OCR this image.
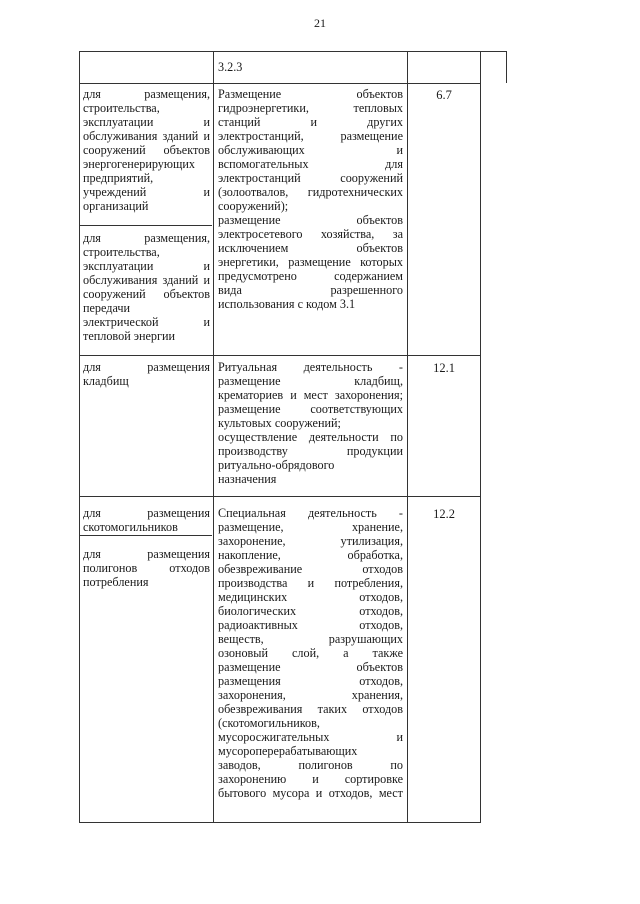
21
3.2.3
для размещения,
строительства,
эксплуатации и
обслуживания зданий и
сооружений объектов
энергогенерирующих
предприятий,
учреждений и
организаций
для размещения,
строительства,
эксплуатации и
обслуживания зданий и
сооружений объектов
передачи
электрической и
тепловой энергии
Размещение объектов
гидроэнергетики, тепловых
станций и других
электростанций, размещение
обслуживающих и
вспомогательных для
электростанций сооружений
(золоотвалов, гидротехнических
сооружений);
размещение объектов
электросетевого хозяйства, за
исключением объектов
энергетики, размещение которых
предусмотрено содержанием
вида разрешенного
использования с кодом 3.1
6.7
для размещения
кладбищ
Ритуальная деятельность -
размещение кладбищ,
крематориев и мест захоронения;
размещение соответствующих
культовых сооружений;
осуществление деятельности по
производству продукции
ритуально-обрядового
назначения
12.1
для размещения
скотомогильников
для размещения
полигонов отходов
потребления
Специальная деятельность -
размещение, хранение,
захоронение, утилизация,
накопление, обработка,
обезвреживание отходов
производства и потребления,
медицинских отходов,
биологических отходов,
радиоактивных отходов,
веществ, разрушающих
озоновый слой, а также
размещение объектов
размещения отходов,
захоронения, хранения,
обезвреживания таких отходов
(скотомогильников,
мусоросжигательных и
мусороперерабатывающих
заводов, полигонов по
захоронению и сортировке
бытового мусора и отходов, мест
12.2
